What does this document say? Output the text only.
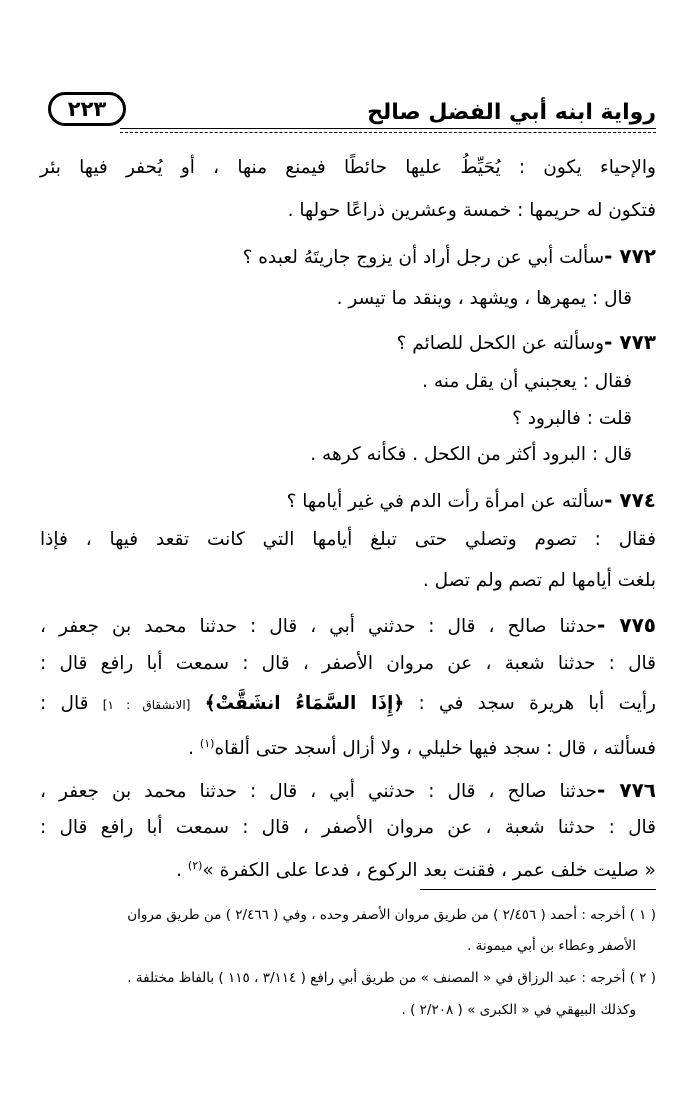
رواية ابنه أبي الفضل صالح
٢٢٣
والإحياء يكون : يُحَيِّطُ عليها حائطًا فيمنع منها ، أو يُحفر فيها بئر
فتكون له حريمها : خمسة وعشرين ذراعًا حولها .
٧٧٢ -سألت أبي عن رجل أراد أن يزوج جاريتَهُ لعبده ؟
قال : يمهرها ، ويشهد ، وينقد ما تيسر .
٧٧٣ -وسألته عن الكحل للصائم ؟
فقال : يعجبني أن يقل منه .
قلت : فالبرود ؟
قال : البرود أكثر من الكحل . فكأنه كرهه .
٧٧٤ -سألته عن امرأة رأت الدم في غير أيامها ؟
فقال : تصوم وتصلي حتى تبلغ أيامها التي كانت تقعد فيها ، فإذا
بلغت أيامها لم تصم ولم تصل .
٧٧٥ -حدثنا صالح ، قال : حدثني أبي ، قال : حدثنا محمد بن جعفر ،
قال : حدثنا شعبة ، عن مروان الأصفر ، قال : سمعت أبا رافع قال :
رأيت أبا هريرة سجد في : ﴿إِذَا السَّمَاءُ انشَقَّتْ﴾ [الانشقاق : ١] قال :
فسألته ، قال : سجد فيها خليلي ، ولا أزال أسجد حتى ألقاه$^{(١)}$ .
٧٧٦ -حدثنا صالح ، قال : حدثني أبي ، قال : حدثنا محمد بن جعفر ،
قال : حدثنا شعبة ، عن مروان الأصفر ، قال : سمعت أبا رافع قال :
« صليت خلف عمر ، فقنت بعد الركوع ، فدعا على الكفرة »$^{(٢)}$ .
( ١ ) أخرجه : أحمد ( ٢/٤٥٦ ) من طريق مروان الأصفر وحده ، وفي ( ٢/٤٦٦ ) من طريق مروان
الأصفر وعطاء بن أبي ميمونة .
( ٢ ) أخرجه : عبد الرزاق في « المصنف » من طريق أبي رافع ( ٣/١١٤ ، ١١٥ ) بالفاظ مختلفة .
وكذلك البيهقي في « الكبرى » ( ٢/٢٠٨ ) .
